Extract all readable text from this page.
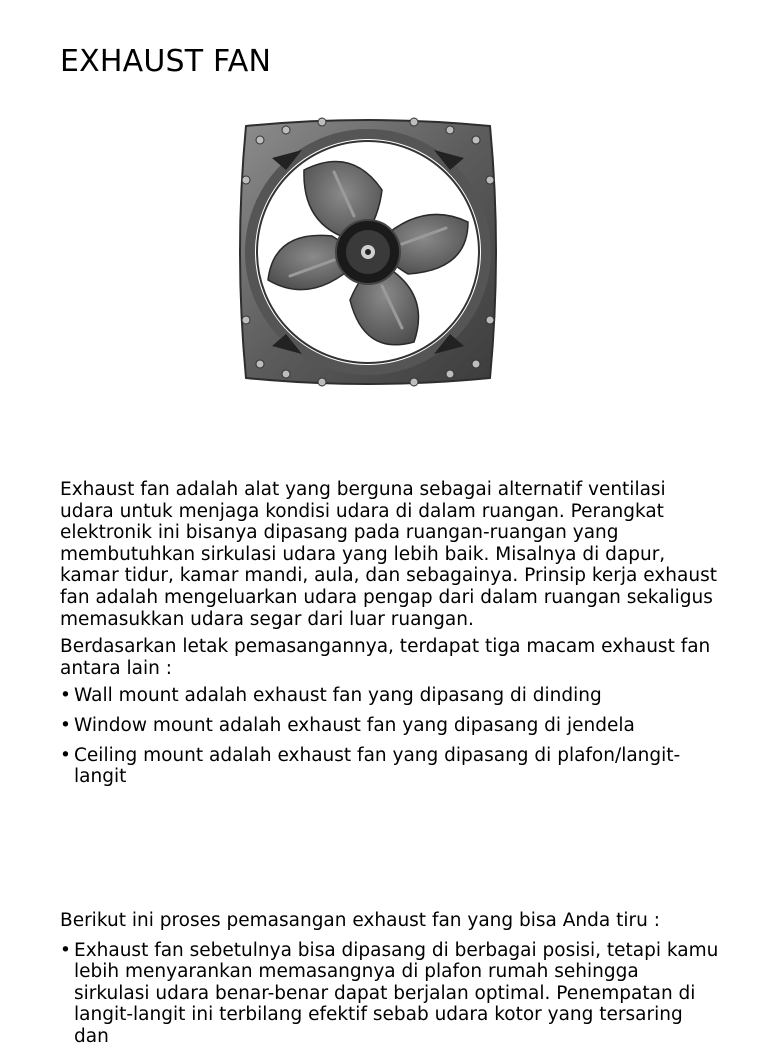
EXHAUST FAN

Exhaust fan adalah alat yang berguna sebagai alternatif ventilasi udara untuk menjaga kondisi udara di dalam ruangan. Perangkat elektronik ini bisanya dipasang pada ruangan-ruangan yang membutuhkan sirkulasi udara yang lebih baik. Misalnya di dapur, kamar tidur, kamar mandi, aula, dan sebagainya. Prinsip kerja exhaust fan adalah mengeluarkan udara pengap dari dalam ruangan sekaligus memasukkan udara segar dari luar ruangan.

Berdasarkan letak pemasangannya, terdapat tiga macam exhaust fan antara lain :

• Wall mount adalah exhaust fan yang dipasang di dinding
• Window mount adalah exhaust fan yang dipasang di jendela
• Ceiling mount adalah exhaust fan yang dipasang di plafon/langit-langit

Berikut ini proses pemasangan exhaust fan yang bisa Anda tiru :

• Exhaust fan sebetulnya bisa dipasang di berbagai posisi, tetapi kamu lebih menyarankan memasangnya di plafon rumah sehingga sirkulasi udara benar-benar dapat berjalan optimal. Penempatan di langit-langit ini terbilang efektif sebab udara kotor yang tersaring dan
